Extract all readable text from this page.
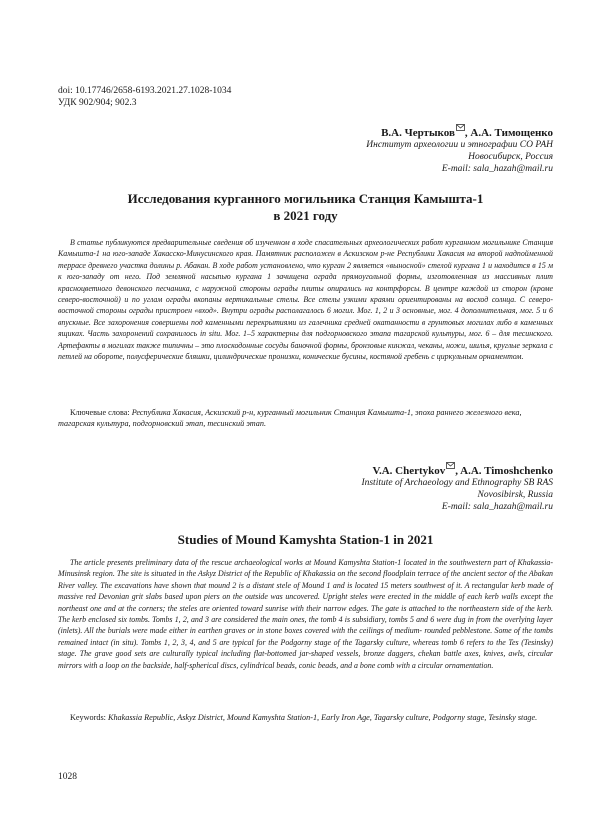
doi: 10.17746/2658-6193.2021.27.1028-1034
УДК 902/904; 902.3
В.А. Чертыков , А.А. Тимощенко
Институт археологии и этнографии СО РАН
Новосибирск, Россия
E-mail: sala_hazah@mail.ru
Исследования курганного могильника Станция Камышта-1
в 2021 году

В статье публикуются предварительные сведения об изученном в ходе спасательных археологических работ курганном могильнике Станция Камышта-1 на юго-западе Хакасско-Минусинского края. Памятник расположен в Аскизском р-не Республики Хакасия на второй надпойменной террасе древнего участка долины р. Абакан. В ходе работ установлено, что курган 2 является «выносной» стелой кургана 1 и находится в 15 м к юго-западу от него. Под земляной насыпью кургана 1 зачищена ограда прямоугольной формы, изготовленная из массивных плит красноцветного девонского песчаника, с наружной стороны ограды плиты опирались на контрфорсы. В центре каждой из сторон (кроме северо-восточной) и по углам ограды вкопаны вертикальные стелы. Все стелы узкими краями ориентированы на восход солнца. С северо-восточной стороны ограды пристроен «вход». Внутри ограды располагалось 6 могил. Мог. 1, 2 и 3 основные, мог. 4 дополнительная, мог. 5 и 6 впускные. Все захоронения совершены под каменными перекрытиями из галечника средней окатанности в грунтовых могилах либо в каменных ящиках. Часть захоронений сохранилось in situ. Мог. 1–5 характерны для подгорновского этапа тагарской культуры, мог. 6 – для тесинского. Артефакты в могилах также типичны – это плоскодонные сосуды баночной формы, бронзовые кинжал, чеканы, ножи, шилья, круглые зеркала с петлей на обороте, полусферические бляшки, цилиндрические пронизки, конические бусины, костяной гребень с циркульным орнаментом.

Ключевые слова: Республика Хакасия, Аскизский р-н, курганный могильник Станция Камышта-1, эпоха раннего железного века, тагарская культура, подгорновский этап, тесинский этап.

V.A. Chertykov , A.A. Timoshchenko
Institute of Archaeology and Ethnography SB RAS
Novosibirsk, Russia
E-mail: sala_hazah@mail.ru
Studies of Mound Kamyshta Station-1 in 2021

The article presents preliminary data of the rescue archaeological works at Mound Kamyshta Station-1 located in the southwestern part of Khakassia-Minusinsk region. The site is situated in the Askyz District of the Republic of Khakassia on the second floodplain terrace of the ancient sector of the Abakan River valley. The excavations have shown that mound 2 is a distant stele of Mound 1 and is located 15 meters southwest of it. A rectangular kerb made of massive red Devonian grit slabs based upon piers on the outside was uncovered. Upright steles were erected in the middle of each kerb walls except the northeast one and at the corners; the steles are oriented toward sunrise with their narrow edges. The gate is attached to the northeastern side of the kerb. The kerb enclosed six tombs. Tombs 1, 2, and 3 are considered the main ones, the tomb 4 is subsidiary, tombs 5 and 6 were dug in from the overlying layer (inlets). All the burials were made either in earthen graves or in stone boxes covered with the ceilings of medium- rounded pebblestone. Some of the tombs remained intact (in situ). Tombs 1, 2, 3, 4, and 5 are typical for the Podgorny stage of the Tagarsky culture, whereas tomb 6 refers to the Tes (Tesinsky) stage. The grave good sets are culturally typical including flat-bottomed jar-shaped vessels, bronze daggers, chekan battle axes, knives, awls, circular mirrors with a loop on the backside, half-spherical discs, cylindrical beads, conic beads, and a bone comb with a circular ornamentation.

Keywords: Khakassia Republic, Askyz District, Mound Kamyshta Station-1, Early Iron Age, Tagarsky culture, Podgorny stage, Tesinsky stage.

1028
